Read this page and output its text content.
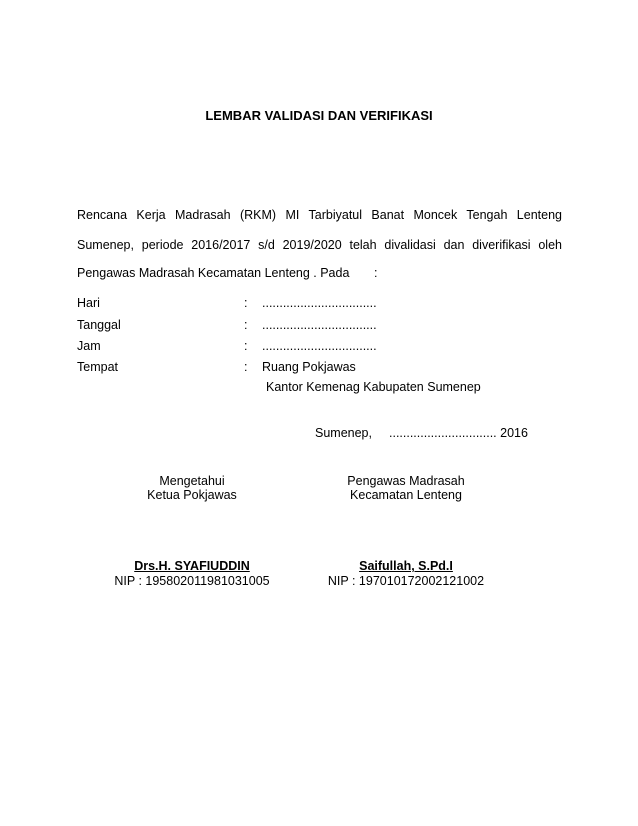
LEMBAR VALIDASI DAN VERIFIKASI
Rencana Kerja Madrasah (RKM) MI Tarbiyatul Banat Moncek Tengah Lenteng
Sumenep, periode 2016/2017 s/d 2019/2020 telah divalidasi dan diverifikasi oleh
Pengawas Madrasah Kecamatan Lenteng . Pada :
Hari	: .................................
Tanggal	: .................................
Jam	: .................................
Tempat	: Ruang Pokjawas
Kantor Kemenag Kabupaten Sumenep
Sumenep, ............................... 2016
Mengetahui
Ketua Pokjawas
Pengawas Madrasah
Kecamatan Lenteng
Drs.H. SYAFIUDDIN
NIP : 195802011981031005
Saifullah, S.Pd.I
NIP : 197010172002121002
